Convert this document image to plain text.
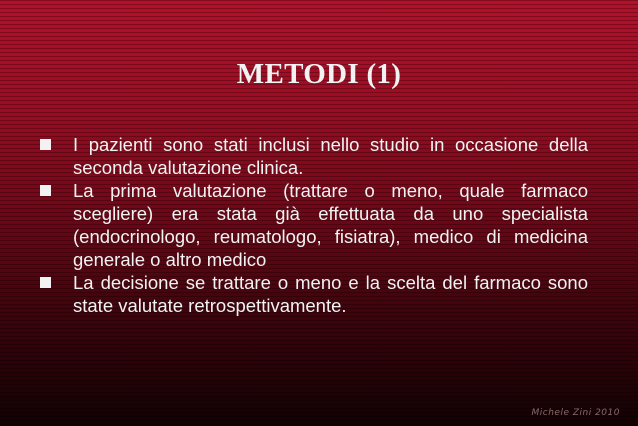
METODI (1)
I pazienti sono stati inclusi nello studio in occasione della seconda valutazione clinica.
La prima valutazione (trattare o meno, quale farmaco scegliere) era stata già effettuata da uno specialista (endocrinologo, reumatologo, fisiatra), medico di medicina generale o altro medico
La decisione se trattare o meno e la scelta del farmaco sono state valutate retrospettivamente.
Michele Zini 2010
